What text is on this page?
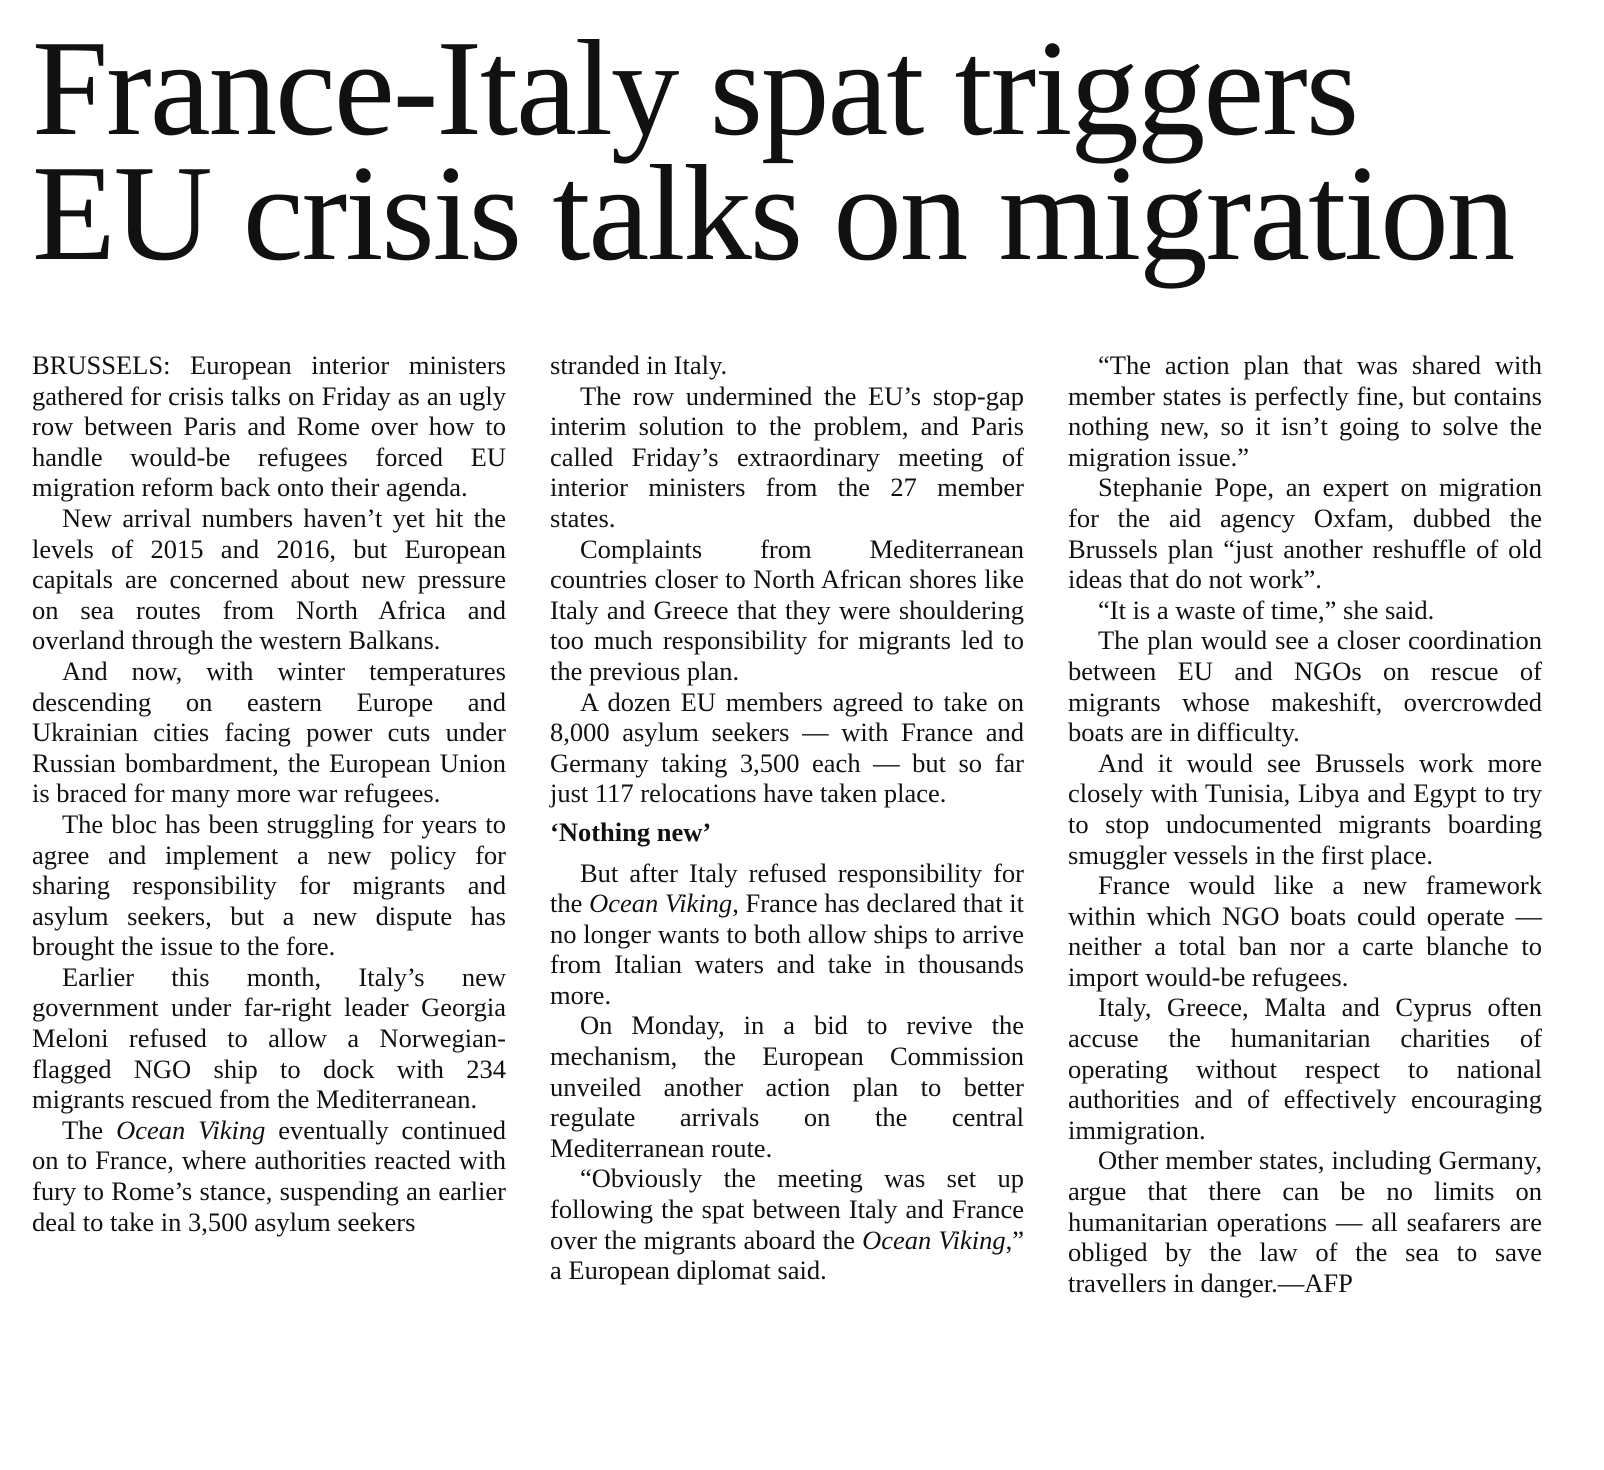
France-Italy spat triggers
EU crisis talks on migration

BRUSSELS: European interior ministers gathered for crisis talks on Friday as an ugly row between Paris and Rome over how to handle would-be refugees forced EU migration reform back onto their agenda.

New arrival numbers haven’t yet hit the levels of 2015 and 2016, but European capitals are concerned about new pressure on sea routes from North Africa and overland through the western Balkans.

And now, with winter temperatures descending on eastern Europe and Ukrainian cities facing power cuts under Russian bombardment, the European Union is braced for many more war refugees.

The bloc has been struggling for years to agree and implement a new policy for sharing responsibility for migrants and asylum seekers, but a new dispute has brought the issue to the fore.

Earlier this month, Italy’s new government under far-right leader Georgia Meloni refused to allow a Norwegian-flagged NGO ship to dock with 234 migrants rescued from the Mediterranean.

The Ocean Viking eventually continued on to France, where authorities reacted with fury to Rome’s stance, suspending an earlier deal to take in 3,500 asylum seekers

stranded in Italy.

The row undermined the EU’s stop-gap interim solution to the problem, and Paris called Friday’s extraordinary meeting of interior ministers from the 27 member states.

Complaints from Mediterranean countries closer to North African shores like Italy and Greece that they were shouldering too much responsibility for migrants led to the previous plan.

A dozen EU members agreed to take on 8,000 asylum seekers — with France and Germany taking 3,500 each — but so far just 117 relocations have taken place.

‘Nothing new’

But after Italy refused responsibility for the Ocean Viking, France has declared that it no longer wants to both allow ships to arrive from Italian waters and take in thousands more.

On Monday, in a bid to revive the mechanism, the European Commission unveiled another action plan to better regulate arrivals on the central Mediterranean route.

“Obviously the meeting was set up following the spat between Italy and France over the migrants aboard the Ocean Viking,” a European diplomat said.

“The action plan that was shared with member states is perfectly fine, but contains nothing new, so it isn’t going to solve the migration issue.”

Stephanie Pope, an expert on migration for the aid agency Oxfam, dubbed the Brussels plan “just another reshuffle of old ideas that do not work”.

“It is a waste of time,” she said.

The plan would see a closer coordination between EU and NGOs on rescue of migrants whose makeshift, overcrowded boats are in difficulty.

And it would see Brussels work more closely with Tunisia, Libya and Egypt to try to stop undocumented migrants boarding smuggler vessels in the first place.

France would like a new framework within which NGO boats could operate — neither a total ban nor a carte blanche to import would-be refugees.

Italy, Greece, Malta and Cyprus often accuse the humanitarian charities of operating without respect to national authorities and of effectively encouraging immigration.

Other member states, including Germany, argue that there can be no limits on humanitarian operations — all seafarers are obliged by the law of the sea to save travellers in danger.—AFP
